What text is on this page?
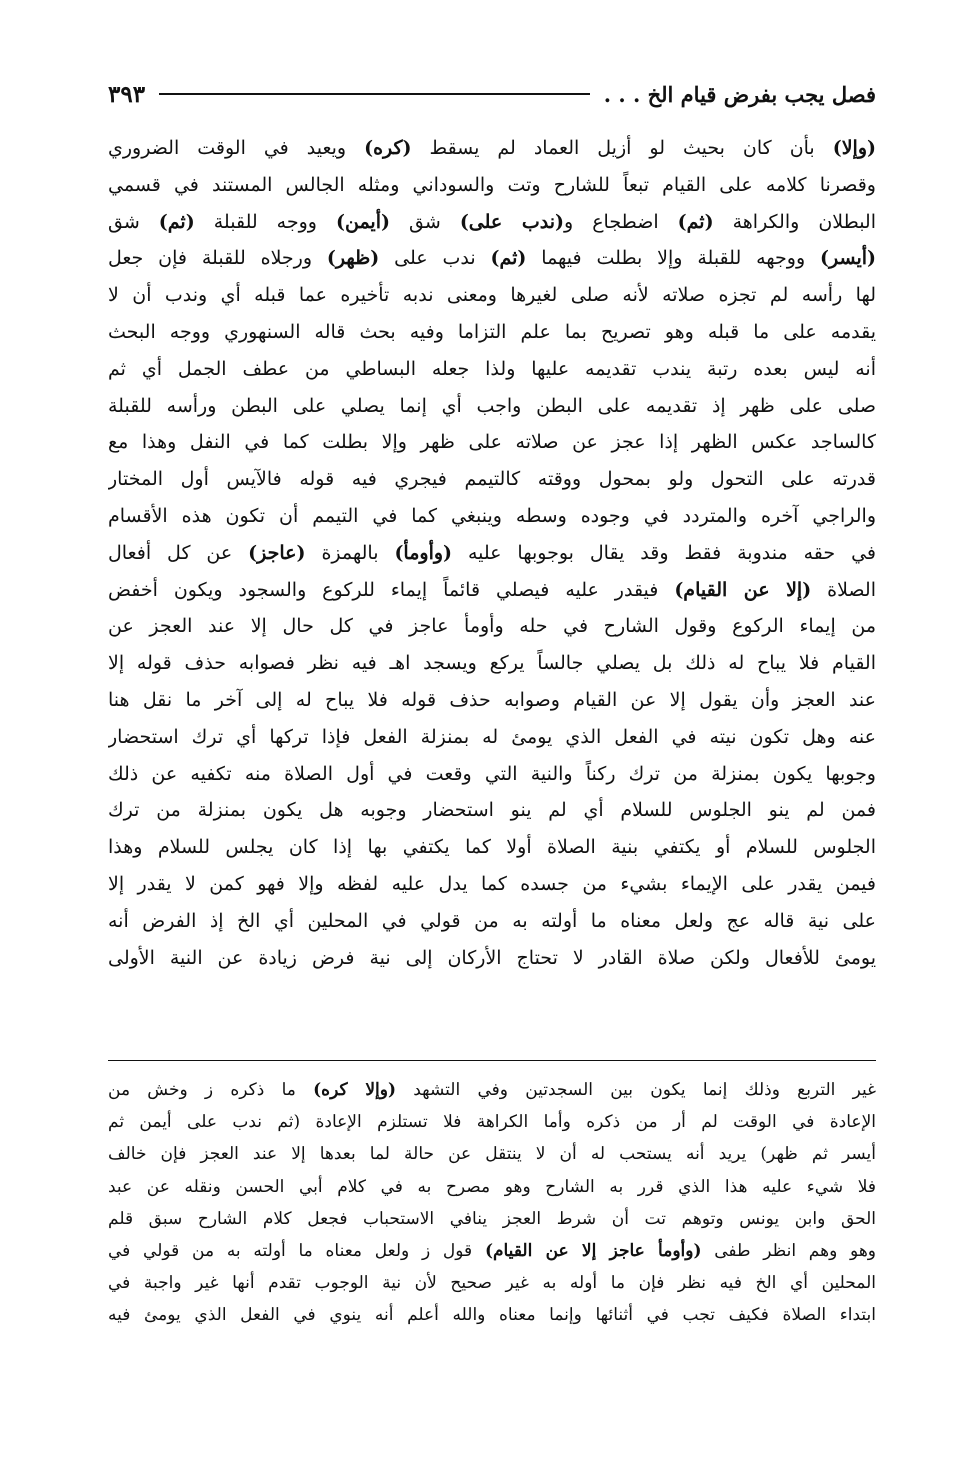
فصل يجب بفرض قيام الخ . . .
٣٩٣
(وإلا) بأن كان بحيث لو أزيل العماد لم يسقط (كره) ويعيد في الوقت الضروري
وقصرنا كلامه على القيام تبعاً للشارح وتت والسوداني ومثله الجالس المستند في قسمي
البطلان والكراهة (ثم) اضطجاع و(ندب على) شق (أيمن) ووجه للقبلة (ثم) شق
(أيسر) ووجهه للقبلة وإلا بطلت فيهما (ثم) ندب على (ظهر) ورجلاه للقبلة فإن جعل
لها رأسه لم تجزه صلاته لأنه صلى لغيرها ومعنى ندبه تأخيره عما قبله أي وندب أن لا
يقدمه على ما قبله وهو تصريح بما علم التزاما وفيه بحث قاله السنهوري ووجه البحث
أنه ليس بعده رتبة يندب تقديمه عليها ولذا جعله البساطي من عطف الجمل أي ثم
صلى على ظهر إذ تقديمه على البطن واجب أي إنما يصلي على البطن ورأسه للقبلة
كالساجد عكس الظهر إذا عجز عن صلاته على ظهر وإلا بطلت كما في النفل وهذا مع
قدرته على التحول ولو بمحول ووقته كالتيمم فيجري فيه قوله فالآيس أول المختار
والراجي آخره والمتردد في وجوده وسطه وينبغي كما في التيمم أن تكون هذه الأقسام
في حقه مندوبة فقط وقد يقال بوجوبها عليه (وأومأ) بالهمزة (عاجز) عن كل أفعال
الصلاة (إلا عن القيام) فيقدر عليه فيصلي قائماً إيماء للركوع والسجود ويكون أخفض
من إيماء الركوع وقول الشارح في حله وأومأ عاجز في كل حال إلا عند العجز عن
القيام فلا يباح له ذلك بل يصلي جالساً يركع ويسجد اهـ فيه نظر فصوابه حذف قوله إلا
عند العجز وأن يقول إلا عن القيام وصوابه حذف قوله فلا يباح له إلى آخر ما نقل هنا
عنه وهل تكون نيته في الفعل الذي يومئ له بمنزلة الفعل فإذا تركها أي ترك استحضار
وجوبها يكون بمنزلة من ترك ركناً والنية التي وقعت في أول الصلاة منه تكفيه عن ذلك
فمن لم ينو الجلوس للسلام أي لم ينو استحضار وجوبه هل يكون بمنزلة من ترك
الجلوس للسلام أو يكتفي بنية الصلاة أولا كما يكتفي بها إذا كان يجلس للسلام وهذا
فيمن يقدر على الإيماء بشيء من جسده كما يدل عليه لفظه وإلا فهو كمن لا يقدر إلا
على نية قاله عج ولعل معناه ما أولته به من قولي في المحلين أي الخ إذ الفرض أنه
يومئ للأفعال ولكن صلاة القادر لا تحتاج الأركان إلى نية فرض زيادة عن النية الأولى
غير التربع وذلك إنما يكون بين السجدتين وفي التشهد (وإلا كره) ما ذكره ز وخش من
الإعادة في الوقت لم أر من ذكره وأما الكراهة فلا تستلزم الإعادة (ثم ندب على أيمن ثم
أيسر ثم ظهر) يريد أنه يستحب له أن لا ينتقل عن حالة لما بعدها إلا عند العجز فإن خالف
فلا شيء عليه هذا الذي قرر به الشارح وهو مصرح به في كلام أبي الحسن ونقله عن عبد
الحق وابن يونس وتوهم تت أن شرط العجز ينافي الاستحباب فجعل كلام الشارح سبق قلم
وهو وهم انظر طفى (وأومأ عاجز إلا عن القيام) قول ز ولعل معناه ما أولته به من قولي في
المحلين أي الخ فيه نظر فإن ما أوله به غير صحيح لأن نية الوجوب تقدم أنها غير واجبة في
ابتداء الصلاة فكيف تجب في أثنائها وإنما معناه والله أعلم أنه ينوي في الفعل الذي يومئ فيه
